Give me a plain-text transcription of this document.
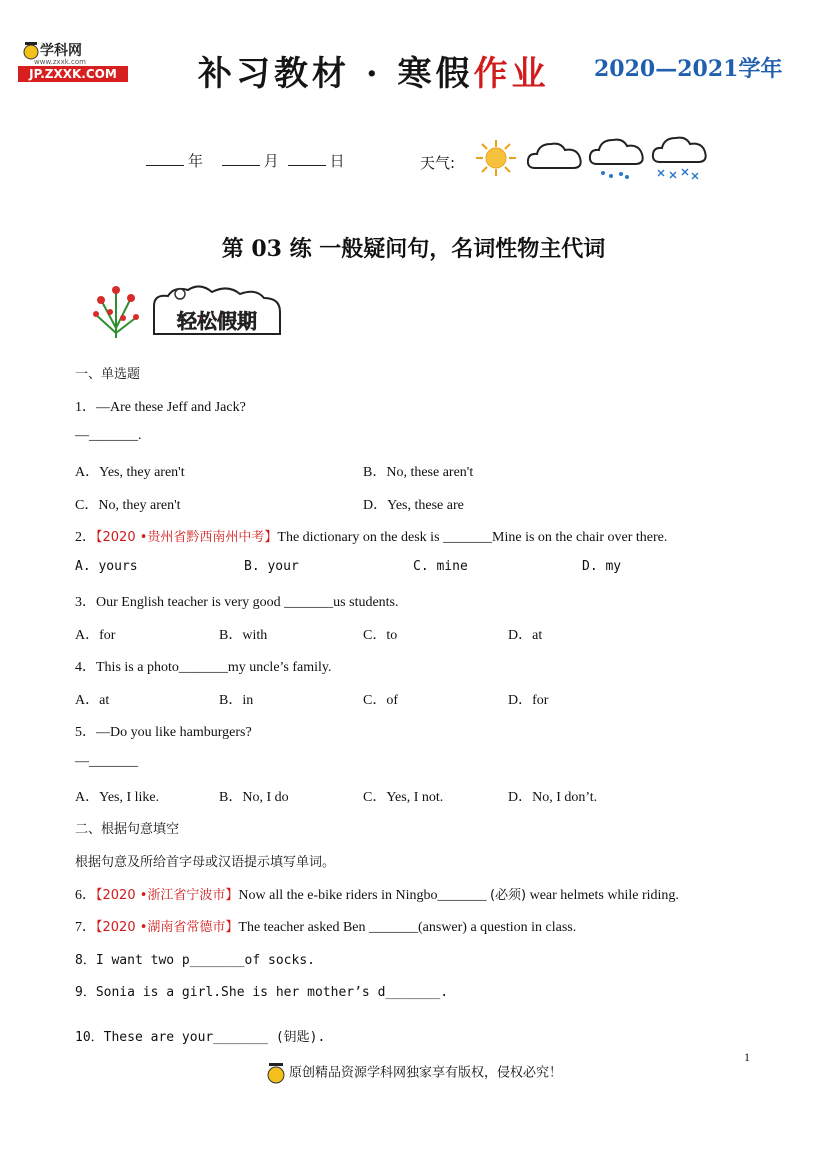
学科网
www.zxxk.com
JP.ZXXK.COM	补习教材 · 寒假作业 2020—2021学年
年	月	日	天气:
第 03 练 一般疑问句，名词性物主代词
轻松假期
一、单选题
1．—Are these Jeff and Jack?
—_______.
A．Yes, they aren't	B．No, these aren't
C．No, they aren't	D．Yes, these are
2．【2020 •贵州省黔西南州中考】The dictionary on the desk is _______Mine is on the chair over there.
A. yours	B. your	C. mine	D. my
3．Our English teacher is very good _______us students.
A．for	B．with	C．to	D．at
4．This is a photo_______my uncle’s family.
A．at	B．in	C．of	D．for
5．—Do you like hamburgers?
—_______
A．Yes, I like.	B．No, I do	C．Yes, I not.	D．No, I don’t.
二、根据句意填空
根据句意及所给首字母或汉语提示填写单词。
6．【2020 •浙江省宁波市】Now all the e-bike riders in Ningbo_______ (必须) wear helmets while riding.
7．【2020 •湖南省常德市】The teacher asked Ben _______(answer) a question in class.
8．I want two p_______of socks.
9．Sonia is a girl.She is her mother’s d_______.
10．These are your_______ (钥匙).
1
原创精品资源学科网独家享有版权，侵权必究！
